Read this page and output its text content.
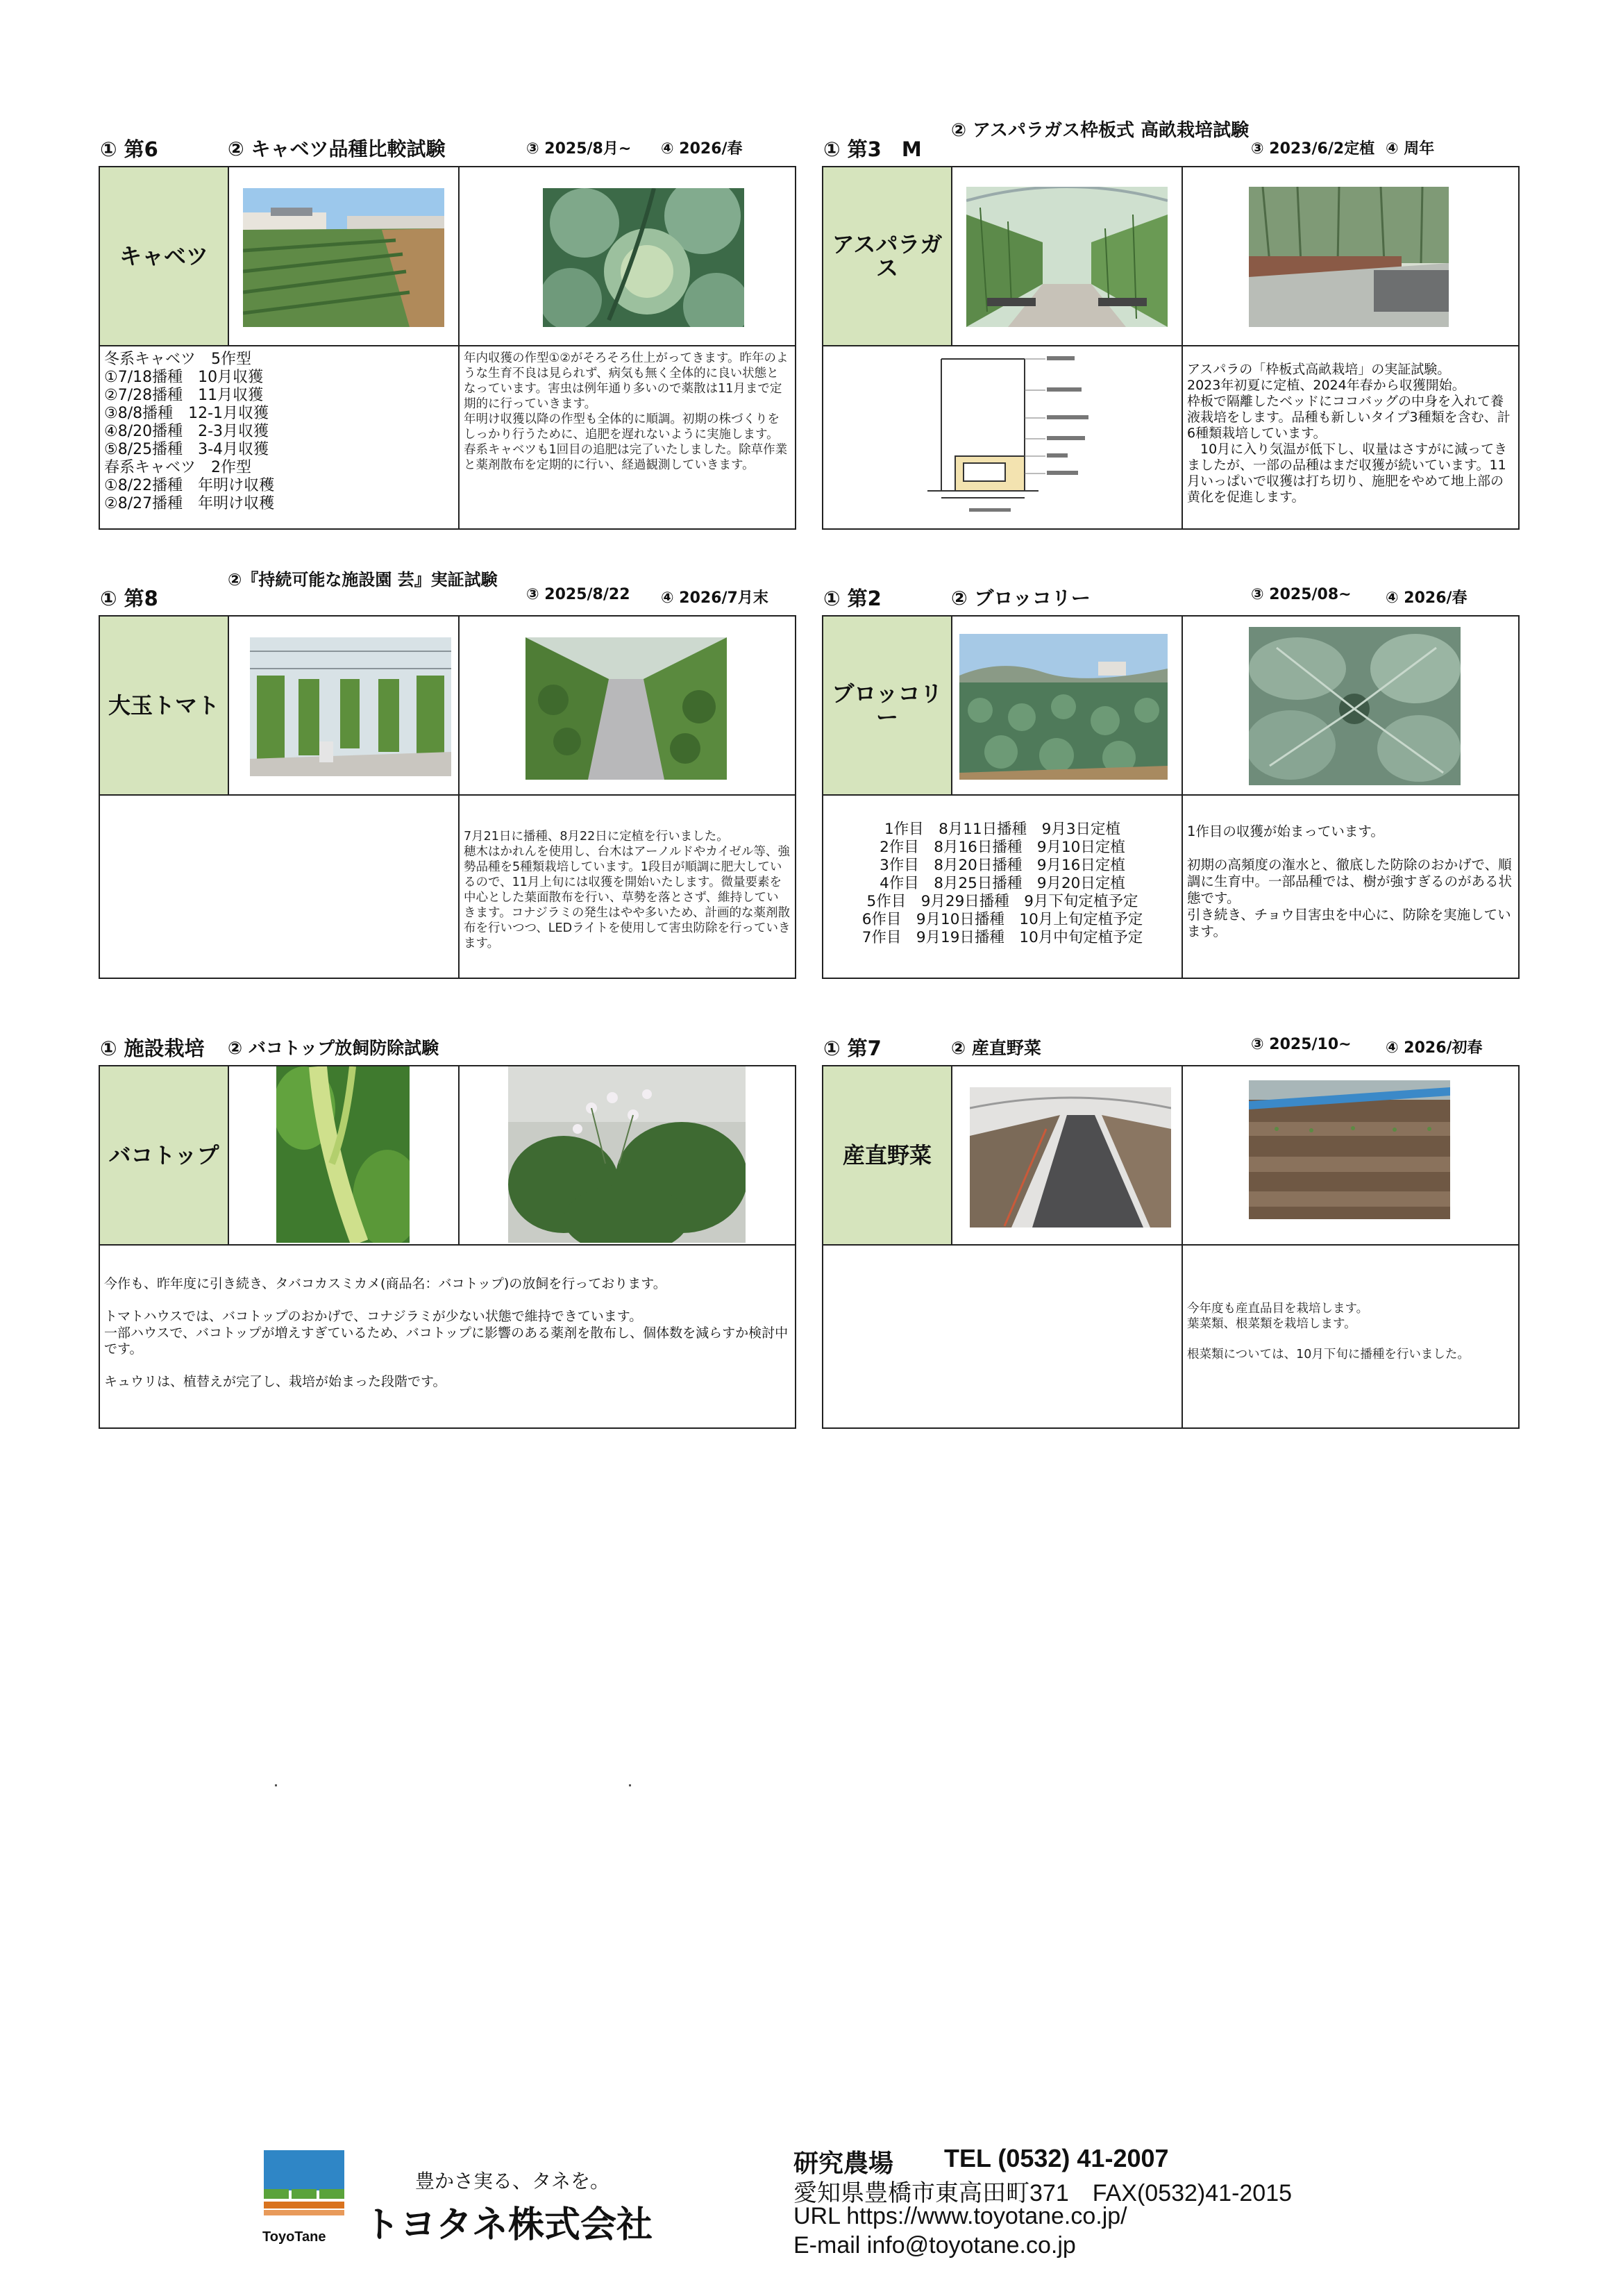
① 第6	② キャベツ品種比較試験	③ 2025/8月~ ④ 2026/春
キャベツ
冬系キャベツ　5作型
①7/18播種　10月収獲
②7/28播種　11月収獲
③8/8播種　12-1月収獲
④8/20播種　2-3月収獲
⑤8/25播種　3-4月収獲
春系キャベツ　2作型
①8/22播種　年明け収穫
②8/27播種　年明け収穫
年内収獲の作型①②がそろそろ仕上がってきます。昨年のような生育不良は見られず、病気も無く全体的に良い状態となっています。害虫は例年通り多いので薬散は11月まで定期的に行っていきます。
年明け収獲以降の作型も全体的に順調。初期の株づくりをしっかり行うために、追肥を遅れないように実施します。
春系キャベツも1回目の追肥は完了いたしました。除草作業と薬剤散布を定期的に行い、経過観測していきます。
① 第3　M
② アスパラガス枠板式 高畝栽培試験
③ 2023/6/2定植 ④ 周年
アスパラガ
ス
アスパラの「枠板式高畝栽培」の実証試験。
2023年初夏に定植、2024年春から収獲開始。
枠板で隔離したベッドにココバッグの中身を入れて養液栽培をします。品種も新しいタイプ3種類を含む、計6種類栽培しています。
　10月に入り気温が低下し、収量はさすがに減ってきましたが、一部の品種はまだ収獲が続いています。11月いっぱいで収獲は打ち切り、施肥をやめて地上部の黄化を促進します。
① 第8
②『持続可能な施設園 芸』実証試験
③ 2025/8/22 ④ 2026/7月末
大玉トマト
7月21日に播種、8月22日に定植を行いました。
穂木はかれんを使用し、台木はアーノルドやカイゼル等、強勢品種を5種類栽培しています。1段目が順調に肥大しているので、11月上旬には収獲を開始いたします。微量要素を中心とした葉面散布を行い、草勢を落とさず、維持していきます。コナジラミの発生はやや多いため、計画的な薬剤散布を行いつつ、LEDライトを使用して害虫防除を行っていきます。
① 第2	② ブロッコリー	③ 2025/08~ ④ 2026/春
ブロッコリー
1作目　8月11日播種　9月3日定植
2作目　8月16日播種　9月10日定植
3作目　8月20日播種　9月16日定植
4作目　8月25日播種　9月20日定植
5作目　9月29日播種　9月下旬定植予定
6作目　9月10日播種　10月上旬定植予定
7作目　9月19日播種　10月中旬定植予定
1作目の収獲が始まっています。

初期の高頻度の潅水と、徹底した防除のおかげで、順調に生育中。一部品種では、樹が強すぎるのがある状態です。
引き続き、チョウ目害虫を中心に、防除を実施しています。
① 施設栽培 ② バコトップ放飼防除試験
バコトップ
今作も、昨年度に引き続き、タバコカスミカメ(商品名：バコトップ)の放飼を行っております。

トマトハウスでは、バコトップのおかげで、コナジラミが少ない状態で維持できています。
一部ハウスで、バコトップが増えすぎているため、バコトップに影響のある薬剤を散布し、個体数を減らすか検討中です。

キュウリは、植替えが完了し、栽培が始まった段階です。
① 第7	② 産直野菜	③ 2025/10~ ④ 2026/初春
産直野菜
今年度も産直品目を栽培します。
葉菜類、根菜類を栽培します。

根菜類については、10月下旬に播種を行いました。
ToyoTane
豊かさ実る、タネを。
トヨタネ株式会社
研究農場 TEL (0532) 41-2007
愛知県豊橋市東高田町371　FAX(0532)41-2015
URL https://www.toyotane.co.jp/
E-mail info@toyotane.co.jp
